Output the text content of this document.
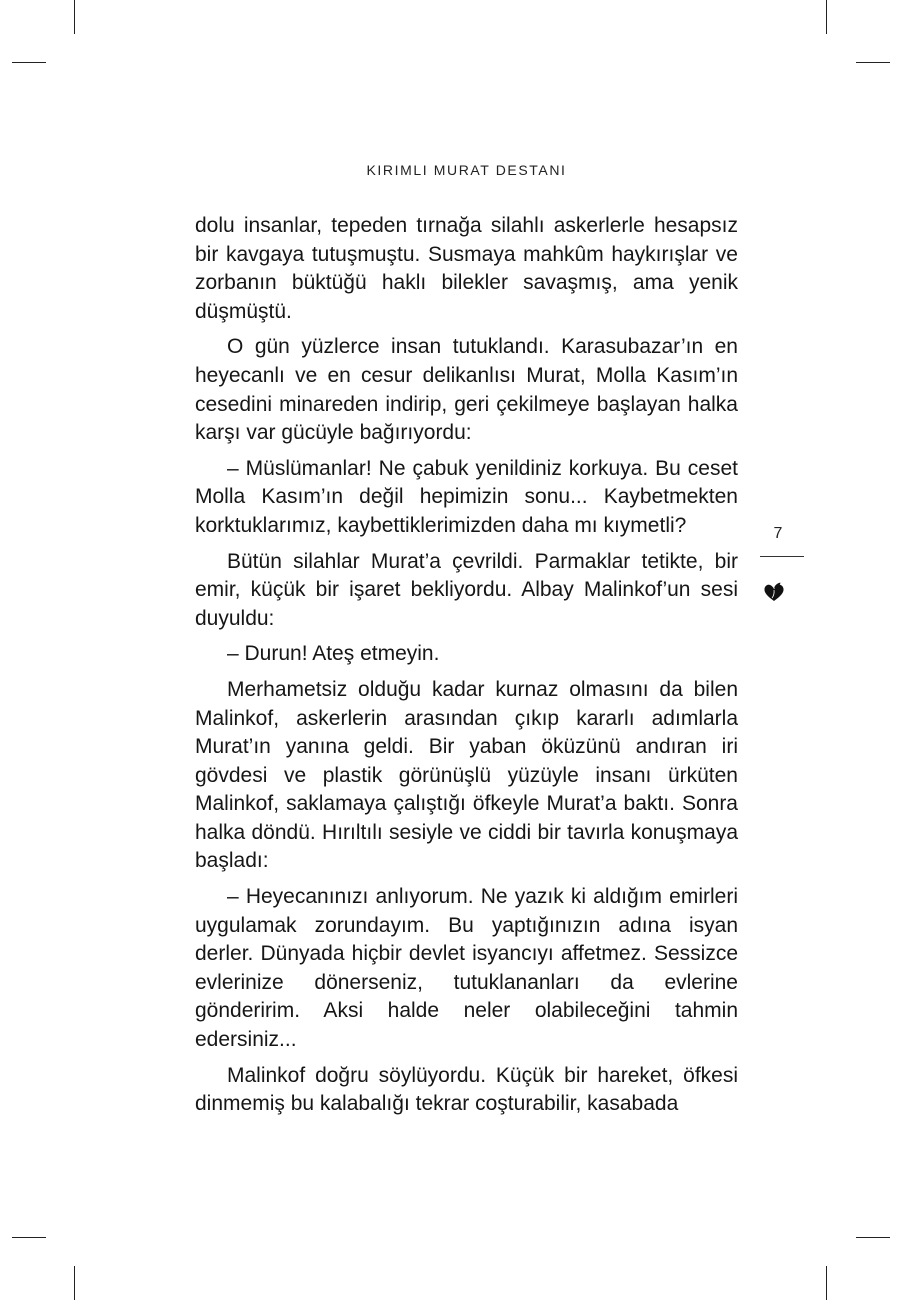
KIRIMLI MURAT DESTANI

dolu insanlar, tepeden tırnağa silahlı askerlerle hesapsız bir kavgaya tutuşmuştu. Susmaya mahkûm haykırışlar ve zorbanın büktüğü haklı bilekler savaşmış, ama yenik düşmüştü.

O gün yüzlerce insan tutuklandı. Karasubazar’ın en heyecanlı ve en cesur delikanlısı Murat, Molla Kasım’ın cesedini minareden indirip, geri çekilmeye başlayan halka karşı var gücüyle bağırıyordu:

– Müslümanlar! Ne çabuk yenildiniz korkuya. Bu ceset Molla Kasım’ın değil hepimizin sonu... Kaybetmekten korktuklarımız, kaybettiklerimizden daha mı kıymetli?

Bütün silahlar Murat’a çevrildi. Parmaklar tetikte, bir emir, küçük bir işaret bekliyordu. Albay Malinkof’un sesi duyuldu:

– Durun! Ateş etmeyin.

Merhametsiz olduğu kadar kurnaz olmasını da bilen Malinkof, askerlerin arasından çıkıp kararlı adımlarla Murat’ın yanına geldi. Bir yaban öküzünü andıran iri gövdesi ve plastik görünüşlü yüzüyle insanı ürküten Malinkof, saklamaya çalıştığı öfkeyle Murat’a baktı. Sonra halka döndü. Hırıltılı sesiyle ve ciddi bir tavırla konuşmaya başladı:

– Heyecanınızı anlıyorum. Ne yazık ki aldığım emirleri uygulamak zorundayım. Bu yaptığınızın adına isyan derler. Dünyada hiçbir devlet isyancıyı affetmez. Sessizce evlerinize dönerseniz, tutuklananları da evlerine gönderirim. Aksi halde neler olabileceğini tahmin edersiniz...

Malinkof doğru söylüyordu. Küçük bir hareket, öfkesi dinmemiş bu kalabalığı tekrar coşturabilir, kasabada

7
